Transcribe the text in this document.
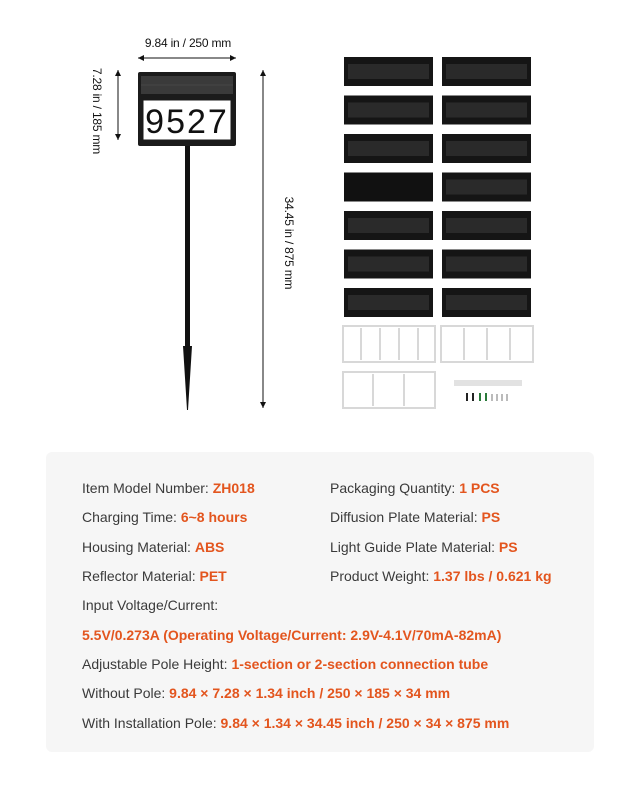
9527
9.84 in / 250 mm
7.28 in / 185 mm
34.45 in / 875 mm
Item Model Number: ZH018	Packaging Quantity: 1 PCS
Charging Time: 6~8 hours	Diffusion Plate Material: PS
Housing Material: ABS	Light Guide Plate Material: PS
Reflector Material: PET	Product Weight: 1.37 lbs / 0.621 kg
Input Voltage/Current:
5.5V/0.273A (Operating Voltage/Current: 2.9V-4.1V/70mA-82mA)
Adjustable Pole Height: 1-section or 2-section connection tube
Without Pole: 9.84 × 7.28 × 1.34 inch / 250 × 185 × 34 mm
With Installation Pole: 9.84 × 1.34 × 34.45 inch / 250 × 34 × 875 mm
